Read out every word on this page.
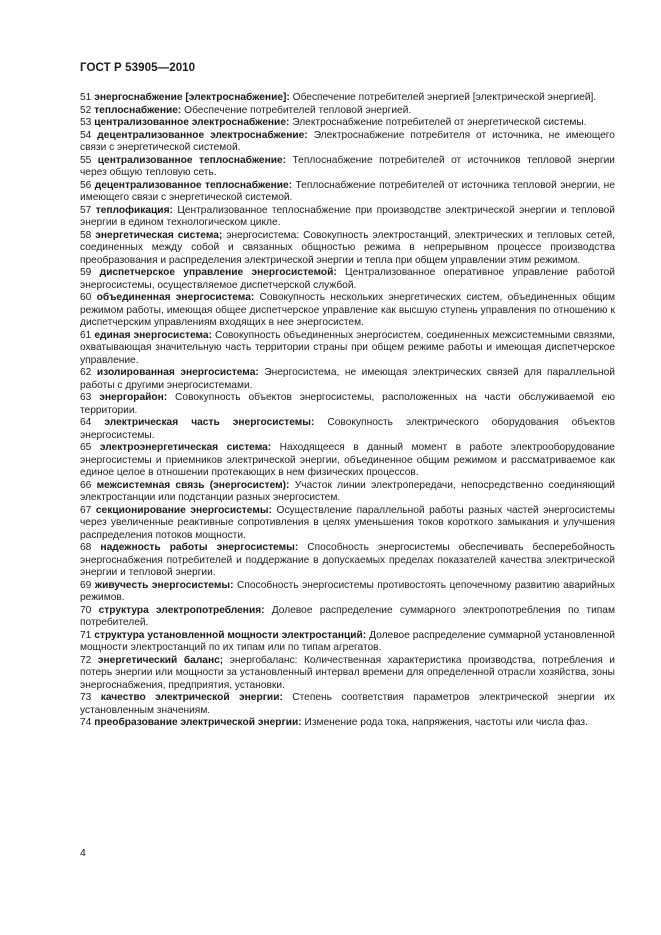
ГОСТ Р 53905—2010

51 энергоснабжение [электроснабжение]: Обеспечение потребителей энергией [электрической энергией].

52 теплоснабжение: Обеспечение потребителей тепловой энергией.

53 централизованное электроснабжение: Электроснабжение потребителей от энергетической системы.

54 децентрализованное электроснабжение: Электроснабжение потребителя от источника, не имеющего связи с энергетической системой.

55 централизованное теплоснабжение: Теплоснабжение потребителей от источников тепловой энергии через общую тепловую сеть.

56 децентрализованное теплоснабжение: Теплоснабжение потребителей от источника тепловой энергии, не имеющего связи с энергетической системой.

57 теплофикация: Централизованное теплоснабжение при производстве электрической энергии и тепловой энергии в едином технологическом цикле.

58 энергетическая система; энергосистема: Совокупность электростанций, электрических и тепловых сетей, соединенных между собой и связанных общностью режима в непрерывном процессе производства преобразования и распределения электрической энергии и тепла при общем управлении этим режимом.

59 диспетчерское управление энергосистемой: Централизованное оперативное управление работой энергосистемы, осуществляемое диспетчерской службой.

60 объединенная энергосистема: Совокупность нескольких энергетических систем, объединенных общим режимом работы, имеющая общее диспетчерское управление как высшую ступень управления по отношению к диспетчерским управлениям входящих в нее энергосистем.

61 единая энергосистема: Совокупность объединенных энергосистем, соединенных межсистемными связями, охватывающая значительную часть территории страны при общем режиме работы и имеющая диспетчерское управление.

62 изолированная энергосистема: Энергосистема, не имеющая электрических связей для параллельной работы с другими энергосистемами.

63 энергорайон: Совокупность объектов энергосистемы, расположенных на части обслуживаемой ею территории.

64 электрическая часть энергосистемы: Совокупность электрического оборудования объектов энергосистемы.

65 электроэнергетическая система: Находящееся в данный момент в работе электрооборудование энергосистемы и приемников электрической энергии, объединенное общим режимом и рассматриваемое как единое целое в отношении протекающих в нем физических процессов.

66 межсистемная связь (энергосистем): Участок линии электропередачи, непосредственно соединяющий электростанции или подстанции разных энергосистем.

67 секционирование энергосистемы: Осуществление параллельной работы разных частей энергосистемы через увеличенные реактивные сопротивления в целях уменьшения токов короткого замыкания и улучшения распределения потоков мощности.

68 надежность работы энергосистемы: Способность энергосистемы обеспечивать бесперебойность энергоснабжения потребителей и поддержание в допускаемых пределах показателей качества электрической энергии и тепловой энергии.

69 живучесть энергосистемы: Способность энергосистемы противостоять цепочечному развитию аварийных режимов.

70 структура электропотребления: Долевое распределение суммарного электропотребления по типам потребителей.

71 структура установленной мощности электростанций: Долевое распределение суммарной установленной мощности электростанций по их типам или по типам агрегатов.

72 энергетический баланс; энергобаланс: Количественная характеристика производства, потребления и потерь энергии или мощности за установленный интервал времени для определенной отрасли хозяйства, зоны энергоснабжения, предприятия, установки.

73 качество электрической энергии: Степень соответствия параметров электрической энергии их установленным значениям.

74 преобразование электрической энергии: Изменение рода тока, напряжения, частоты или числа фаз.

4
